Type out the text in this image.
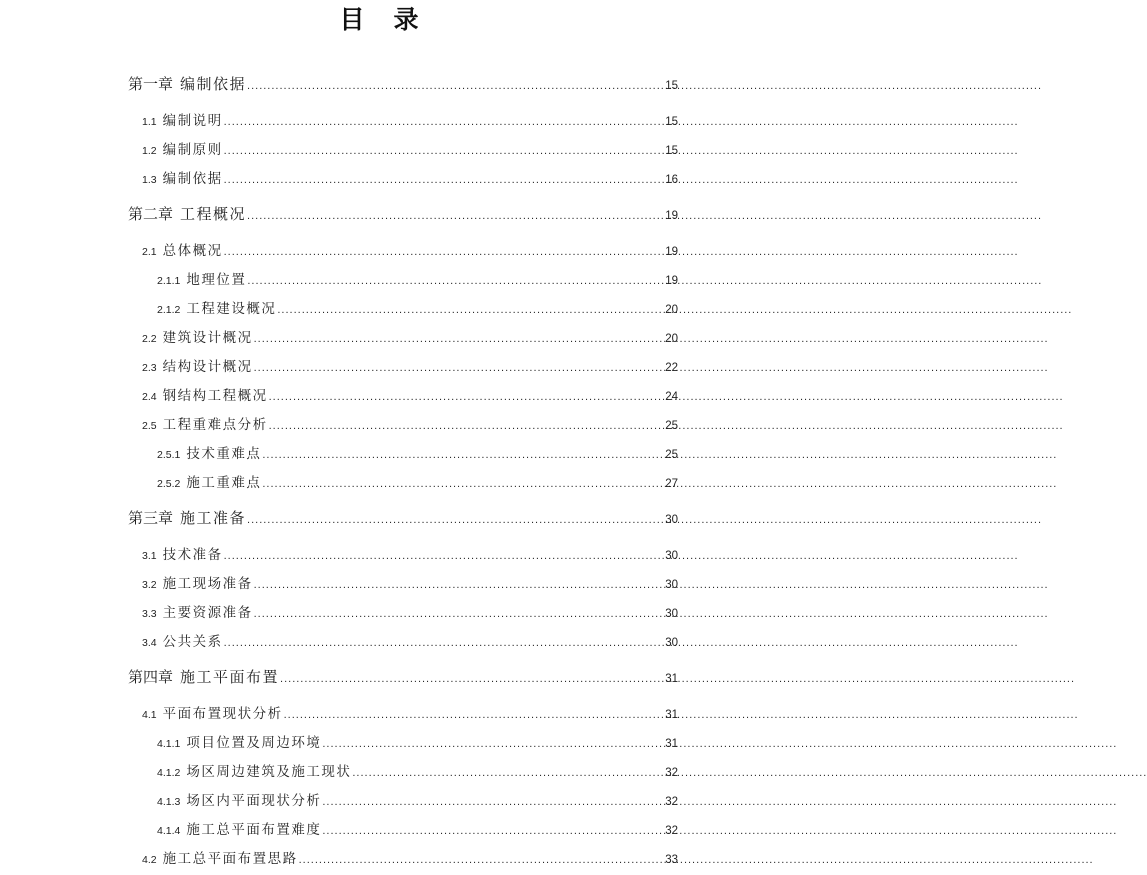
目　录
第一章 编制依据 .....	15
1.1 编制说明 .....	15
1.2 编制原则 .....	15
1.3 编制依据 .....	16
第二章 工程概况 .....	19
2.1 总体概况 .....	19
2.1.1 地理位置 .....	19
2.1.2 工程建设概况 .....	20
2.2 建筑设计概况 .....	20
2.3 结构设计概况 .....	22
2.4 钢结构工程概况 .....	24
2.5 工程重难点分析 .....	25
2.5.1 技术重难点 .....	25
2.5.2 施工重难点 .....	27
第三章 施工准备 .....	30
3.1 技术准备 .....	30
3.2 施工现场准备 .....	30
3.3 主要资源准备 .....	30
3.4 公共关系 .....	30
第四章 施工平面布置 .....	31
4.1 平面布置现状分析 .....	31
4.1.1 项目位置及周边环境 .....	31
4.1.2 场区周边建筑及施工现状 .....	32
4.1.3 场区内平面现状分析 .....	32
4.1.4 施工总平面布置难度 .....	32
4.2 施工总平面布置思路 .....	33
